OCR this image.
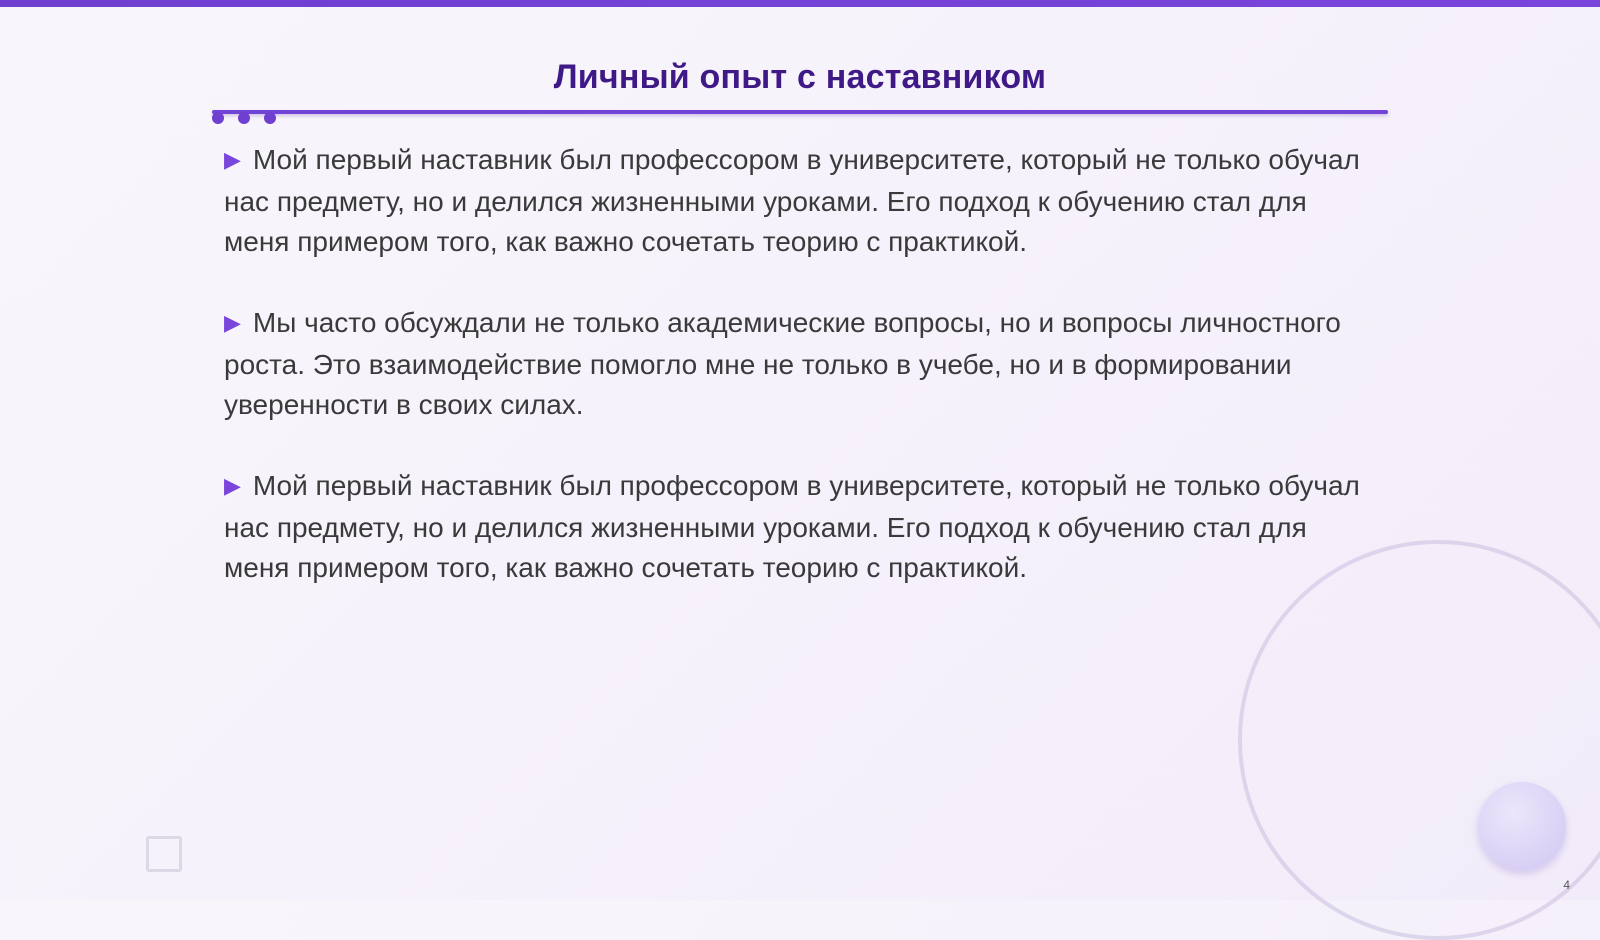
Личный опыт с наставником

▶ Мой первый наставник был профессором в университете, который не только обучал нас предмету, но и делился жизненными уроками. Его подход к обучению стал для меня примером того, как важно сочетать теорию с практикой.

▶ Мы часто обсуждали не только академические вопросы, но и вопросы личностного роста. Это взаимодействие помогло мне не только в учебе, но и в формировании уверенности в своих силах.

▶ Мой первый наставник был профессором в университете, который не только обучал нас предмету, но и делился жизненными уроками. Его подход к обучению стал для меня примером того, как важно сочетать теорию с практикой.

4
